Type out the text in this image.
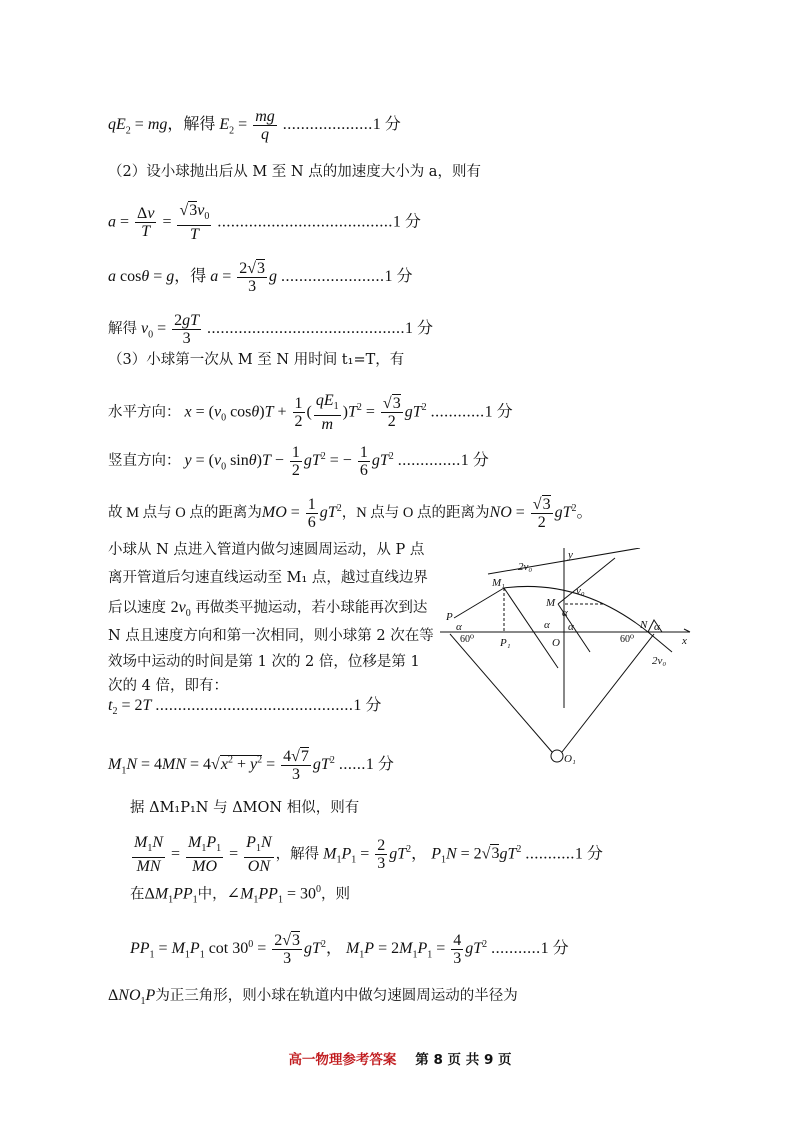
$qE_2$ = mg，解得 $E_2 = \frac{mg}{q} ....................1$ 分
（2）设小球抛出后从 M 至 N 点的加速度大小为 a，则有
$a = \frac{\Delta v}{T} = \frac{√3v_0}{T} .......................................1$ 分
a cosθ = g，得 $a = \frac{2√3}{3}$ g .......................1 分
解得 $v_0 = \frac{2gT}{3} ............................................1$ 分
（3）小球第一次从 M 至 N 用时间 t₁=T，有
水平方向： $x = (v_0$ $\cos\theta)T + \frac{1}{2}$ ( $\frac{qE_1}{m} )T^2 = \frac{√3}{2} gT^2$ ............1 分
竖直方向： $y = (v_0$ $\sin\theta)T - \frac{1}{2} gT^2$ = − $\frac{1}{6} gT^2$ ..............1 分
故 M 点与 O 点的距离为MO = $\frac{1}{6} gT^2$，N 点与 O 点的距离为NO = $\frac{√3}{2} gT^2$。
小球从 N 点进入管道内做匀速圆周运动，从 P 点
离开管道后匀速直线运动至 M₁ 点，越过直线边界
后以速度 $2v_0$ 再做类平抛运动，若小球能再次到达
N 点且速度方向和第一次相同，则小球第 2 次在等
效场中运动的时间是第 1 次的 2 倍，位移是第 1
次的 4 倍，即有：
$t_2 = 2T$ ............................................1 分
$M_1N = 4MN = 4√x^2 + y^2 = \frac{4√7}{3} gT^2$ ......1 分
据 ΔM₁P₁N 与 ΔMON 相似，则有
$\frac{M_1N}{MN} = \frac{M_1P_1}{MO} = \frac{P_1N}{ON}$ ，解得 $M_1P_1 = \frac{2}{3} gT^2$， $P_1N = 2√3gT^2$ ...........1 分
在$\Delta M_1PP_1$中，$\angle M_1PP_1 = 30^0$，则
$PP_1 = M_1P_1$ $\cot 30^0 = \frac{2√3}{3} gT^2$， $M_1P = 2M_1P_1 = \frac{4}{3} gT^2$ ...........1 分
$\Delta NO_1P$为正三角形，则小球在轨道内中做匀速圆周运动的半径为
y
x
O
O₁
M
M₁
P
P₁
N
v₀
2v₀
2v₀
α	α
α
α
α
60⁰	60⁰
高一物理参考答案 第 8 页 共 9 页
